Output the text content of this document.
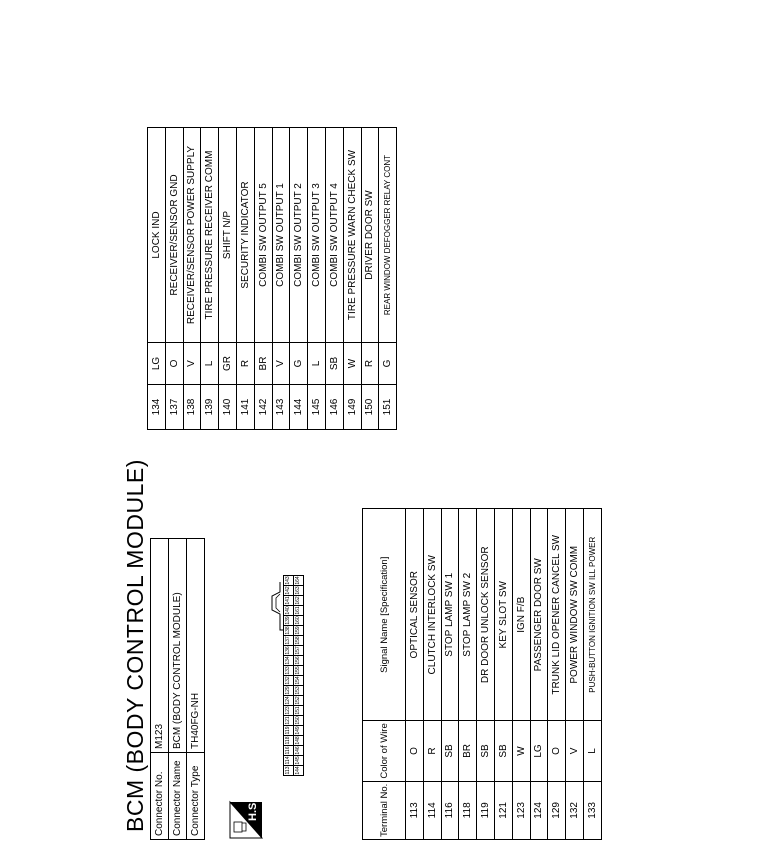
BCM (BODY CONTROL MODULE) Connector No.	M123
Connector Name	BCM (BODY CONTROL MODULE)
Connector Type	TH40FG-NH
H.S.
113	114	116	118	119	121	123	124	129	132	133	134	136	137	138	139	140	141	142	143
144	145	146	148	149	150	151	152	153	154	155	156	157	158	159	160	161	162	163	164
Terminal No.	Color of Wire	Signal Name [Specification]
113	O	OPTICAL SENSOR
114	R	CLUTCH INTERLOCK SW
116	SB	STOP LAMP SW 1
118	BR	STOP LAMP SW 2
119	SB	DR DOOR UNLOCK SENSOR
121	SB	KEY SLOT SW
123	W	IGN F/B
124	LG	PASSENGER DOOR SW
129	O	TRUNK LID OPENER CANCEL SW
132	V	POWER WINDOW SW COMM
133	L	PUSH-BUTTON IGNITION SW ILL POWER
134	LG	LOCK IND
137	O	RECEIVER/SENSOR GND
138	V	RECEIVER/SENSOR POWER SUPPLY
139	L	TIRE PRESSURE RECEIVER COMM
140	GR	SHIFT N/P
141	R	SECURITY INDICATOR
142	BR	COMBI SW OUTPUT 5
143	V	COMBI SW OUTPUT 1
144	G	COMBI SW OUTPUT 2
145	L	COMBI SW OUTPUT 3
146	SB	COMBI SW OUTPUT 4
149	W	TIRE PRESSURE WARN CHECK SW
150	R	DRIVER DOOR SW
151	G	REAR WINDOW DEFOGGER RELAY CONT
